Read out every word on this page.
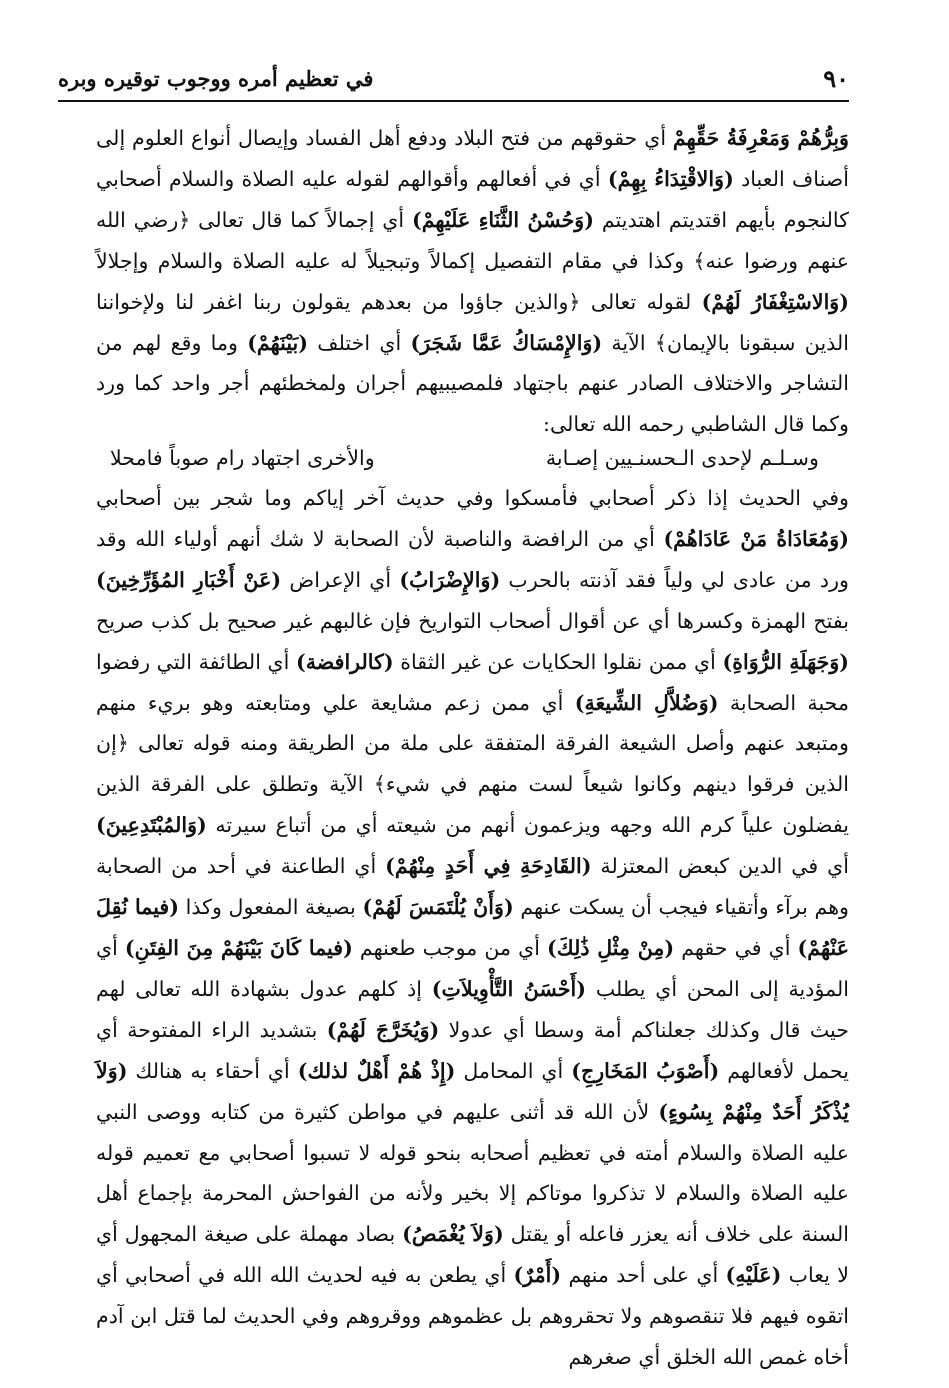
٩٠
في تعظيم أمره ووجوب توقيره وبره

وَبِرُّهُمْ وَمَعْرِفَةُ حَقِّهِمْ أي حقوقهم من فتح البلاد ودفع أهل الفساد وإيصال أنواع العلوم إلى أصناف العباد (وَالاقْتِدَاءُ بِهِمْ) أي في أفعالهم وأقوالهم لقوله عليه الصلاة والسلام أصحابي كالنجوم بأيهم اقتديتم اهتديتم (وَحُسْنُ الثَّنَاءِ عَلَيْهِمْ) أي إجمالاً كما قال تعالى ﴿رضي الله عنهم ورضوا عنه﴾ وكذا في مقام التفصيل إكمالاً وتبجيلاً له عليه الصلاة والسلام وإجلالاً (وَالاسْتِغْفَارُ لَهُمْ) لقوله تعالى ﴿والذين جاؤوا من بعدهم يقولون ربنا اغفر لنا ولإخواننا الذين سبقونا بالإيمان﴾ الآية (وَالإِمْسَاكُ عَمَّا شَجَرَ) أي اختلف (بَيْنَهُمْ) وما وقع لهم من التشاجر والاختلاف الصادر عنهم باجتهاد فلمصيبيهم أجران ولمخطئهم أجر واحد كما ورد وكما قال الشاطبي رحمه الله تعالى:

وسـلـم لإحدى الـحسنـيين إصـابة
والأخرى اجتهاد رام صوباً فامحلا

وفي الحديث إذا ذكر أصحابي فأمسكوا وفي حديث آخر إياكم وما شجر بين أصحابي (وَمُعَادَاةُ مَنْ عَادَاهُمْ) أي من الرافضة والناصبة لأن الصحابة لا شك أنهم أولياء الله وقد ورد من عادى لي ولياً فقد آذنته بالحرب (وَالإِضْرَابُ) أي الإعراض (عَنْ أَخْبَارِ المُؤَرِّخِينَ) بفتح الهمزة وكسرها أي عن أقوال أصحاب التواريخ فإن غالبهم غير صحيح بل كذب صريح (وَجَهَلَةِ الرُّوَاةِ) أي ممن نقلوا الحكايات عن غير الثقاة (كالرافضة) أي الطائفة التي رفضوا محبة الصحابة (وَضُلاَّلِ الشِّيعَةِ) أي ممن زعم مشايعة علي ومتابعته وهو بريء منهم ومتبعد عنهم وأصل الشيعة الفرقة المتفقة على ملة من الطريقة ومنه قوله تعالى ﴿إن الذين فرقوا دينهم وكانوا شيعاً لست منهم في شيء﴾ الآية وتطلق على الفرقة الذين يفضلون علياً كرم الله وجهه ويزعمون أنهم من شيعته أي من أتباع سيرته (وَالمُبْتَدِعِينَ) أي في الدين كبعض المعتزلة (القَادِحَةِ فِي أَحَدٍ مِنْهُمْ) أي الطاعنة في أحد من الصحابة وهم برآء وأتقياء فيجب أن يسكت عنهم (وَأَنْ يُلْتَمَسَ لَهُمْ) بصيغة المفعول وكذا (فيما نُقِلَ عَنْهُمْ) أي في حقهم (مِنْ مِثْلِ ذَٰلِكَ) أي من موجب طعنهم (فيما كَانَ بَيْنَهُمْ مِنَ الفِتَنِ) أي المؤدية إلى المحن أي يطلب (أَحْسَنُ التَّأْوِيلاَتِ) إذ كلهم عدول بشهادة الله تعالى لهم حيث قال وكذلك جعلناكم أمة وسطا أي عدولا (وَيُخَرَّجَ لَهُمْ) بتشديد الراء المفتوحة أي يحمل لأفعالهم (أَصْوَبُ المَخَارِجِ) أي المحامل (إِذْ هُمْ أَهْلٌ لذلك) أي أحقاء به هنالك (وَلاَ يُذْكَرُ أَحَدٌ مِنْهُمْ بِسُوءٍ) لأن الله قد أثنى عليهم في مواطن كثيرة من كتابه ووصى النبي عليه الصلاة والسلام أمته في تعظيم أصحابه بنحو قوله لا تسبوا أصحابي مع تعميم قوله عليه الصلاة والسلام لا تذكروا موتاكم إلا بخير ولأنه من الفواحش المحرمة بإجماع أهل السنة على خلاف أنه يعزر فاعله أو يقتل (وَلاَ يُغْمَصُ) بصاد مهملة على صيغة المجهول أي لا يعاب (عَلَيْهِ) أي على أحد منهم (أَمْرٌ) أي يطعن به فيه لحديث الله الله في أصحابي أي اتقوه فيهم فلا تنقصوهم ولا تحقروهم بل عظموهم ووقروهم وفي الحديث لما قتل ابن آدم أخاه غمص الله الخلق أي صغرهم
